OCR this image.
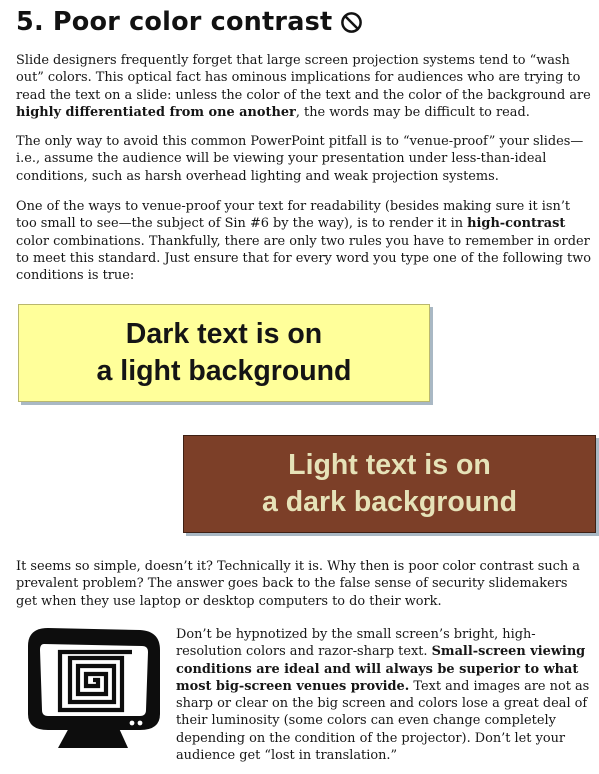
5. Poor color contrast

Slide designers frequently forget that large screen projection systems tend to “wash out” colors. This optical fact has ominous implications for audiences who are trying to read the text on a slide: unless the color of the text and the color of the background are highly differentiated from one another, the words may be difficult to read.

The only way to avoid this common PowerPoint pitfall is to “venue-proof” your slides— i.e., assume the audience will be viewing your presentation under less-than-ideal conditions, such as harsh overhead lighting and weak projection systems.

One of the ways to venue-proof your text for readability (besides making sure it isn’t too small to see—the subject of Sin #6 by the way), is to render it in high-contrast color combinations. Thankfully, there are only two rules you have to remember in order to meet this standard. Just ensure that for every word you type one of the following two conditions is true:

Dark text is on
a light background
Light text is on
a dark background

It seems so simple, doesn’t it? Technically it is. Why then is poor color contrast such a prevalent problem? The answer goes back to the false sense of security slidemakers get when they use laptop or desktop computers to do their work.

Don’t be hypnotized by the small screen’s bright, high-resolution colors and razor-sharp text. Small-screen viewing conditions are ideal and will always be superior to what most big-screen venues provide. Text and images are not as sharp or clear on the big screen and colors lose a great deal of their luminosity (some colors can even change completely depending on the condition of the projector). Don’t let your audience get “lost in translation.”
